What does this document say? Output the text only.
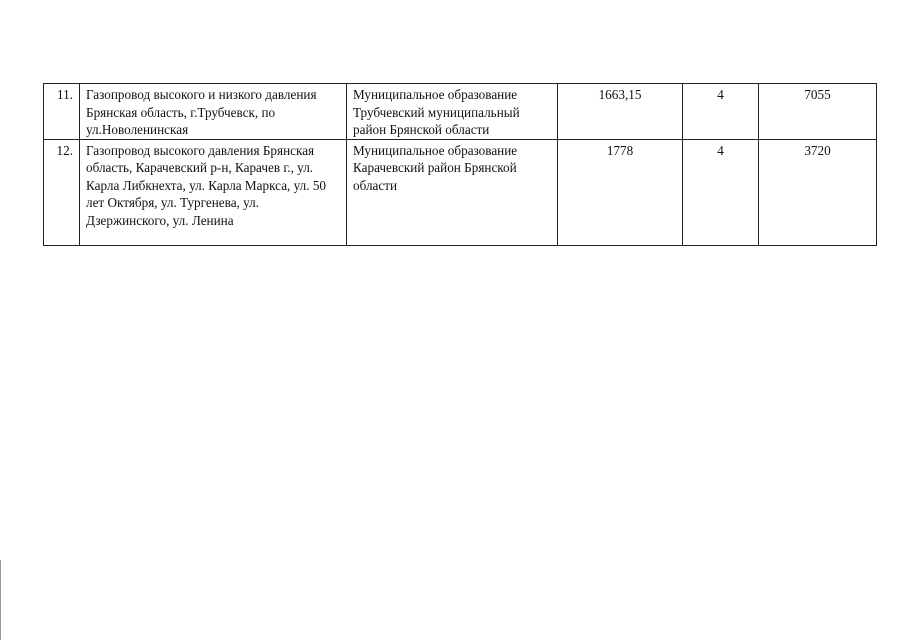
11.	Газопровод высокого и низкого давления Брянская область, г.Трубчевск, по ул.Новоленинская	Муниципальное образование Трубчевский муниципальный район Брянской области	1663,15	4	7055
12.	Газопровод высокого давления Брянская область, Карачевский р-н, Карачев г., ул. Карла Либкнехта, ул. Карла Маркса, ул. 50 лет Октября, ул. Тургенева, ул. Дзержинского, ул. Ленина	Муниципальное образование Карачевский район Брянской области	1778	4	3720
